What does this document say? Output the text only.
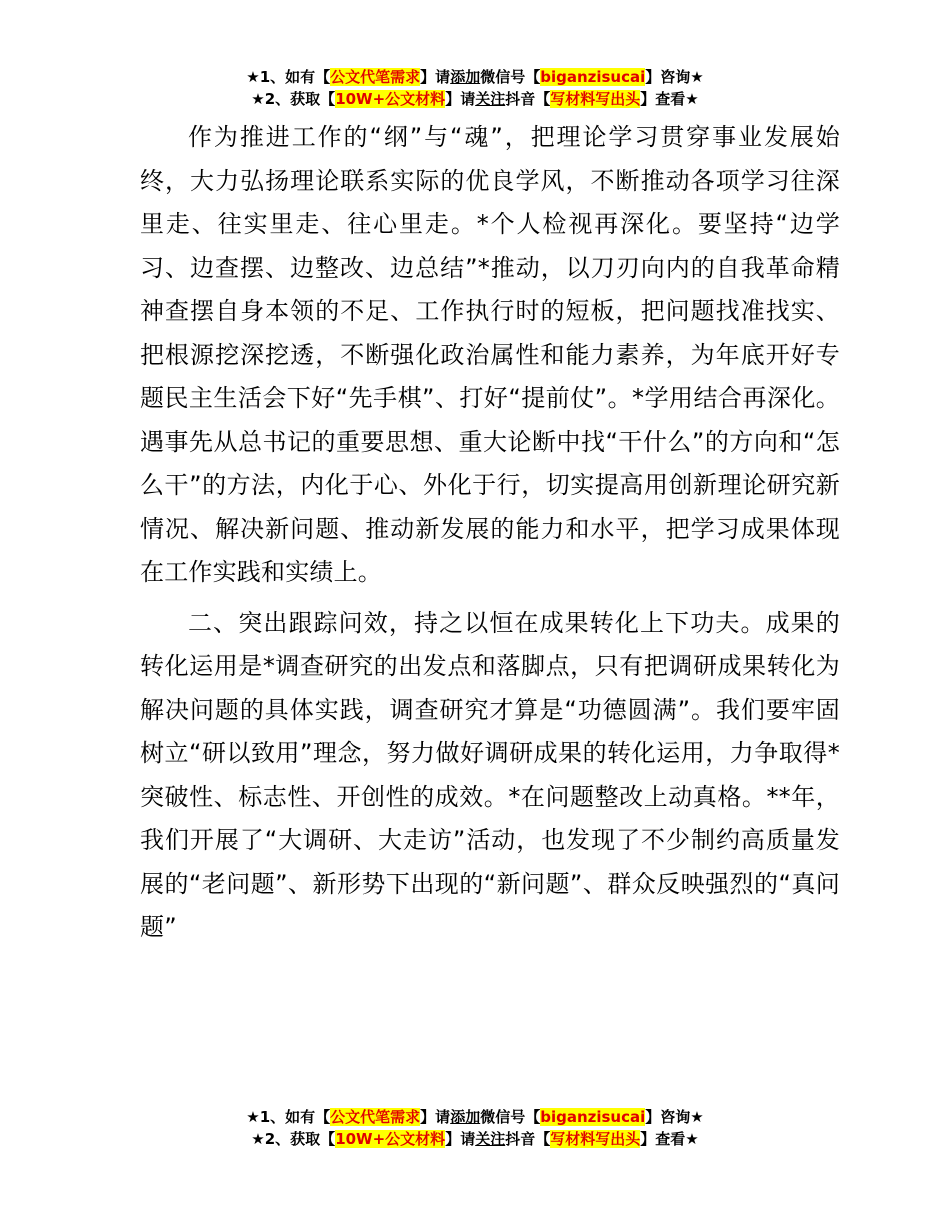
★1、如有【公文代笔需求】请添加微信号【biganzisucai】咨询★
★2、获取【10W+公文材料】请关注抖音【写材料写出头】查看★

作为推进工作的“纲”与“魂”，把理论学习贯穿事业发展始终，大力弘扬理论联系实际的优良学风，不断推动各项学习往深里走、往实里走、往心里走。*个人检视再深化。要坚持“边学习、边查摆、边整改、边总结”*推动，以刀刃向内的自我革命精神查摆自身本领的不足、工作执行时的短板，把问题找准找实、把根源挖深挖透，不断强化政治属性和能力素养，为年底开好专题民主生活会下好“先手棋”、打好“提前仗”。*学用结合再深化。遇事先从总书记的重要思想、重大论断中找“干什么”的方向和“怎么干”的方法，内化于心、外化于行，切实提高用创新理论研究新情况、解决新问题、推动新发展的能力和水平，把学习成果体现在工作实践和实绩上。

二、突出跟踪问效，持之以恒在成果转化上下功夫。成果的转化运用是*调查研究的出发点和落脚点，只有把调研成果转化为解决问题的具体实践，调查研究才算是“功德圆满”。我们要牢固树立“研以致用”理念，努力做好调研成果的转化运用，力争取得*突破性、标志性、开创性的成效。*在问题整改上动真格。**年，我们开展了“大调研、大走访”活动，也发现了不少制约高质量发展的“老问题”、新形势下出现的“新问题”、群众反映强烈的“真问题”

★1、如有【公文代笔需求】请添加微信号【biganzisucai】咨询★
★2、获取【10W+公文材料】请关注抖音【写材料写出头】查看★
